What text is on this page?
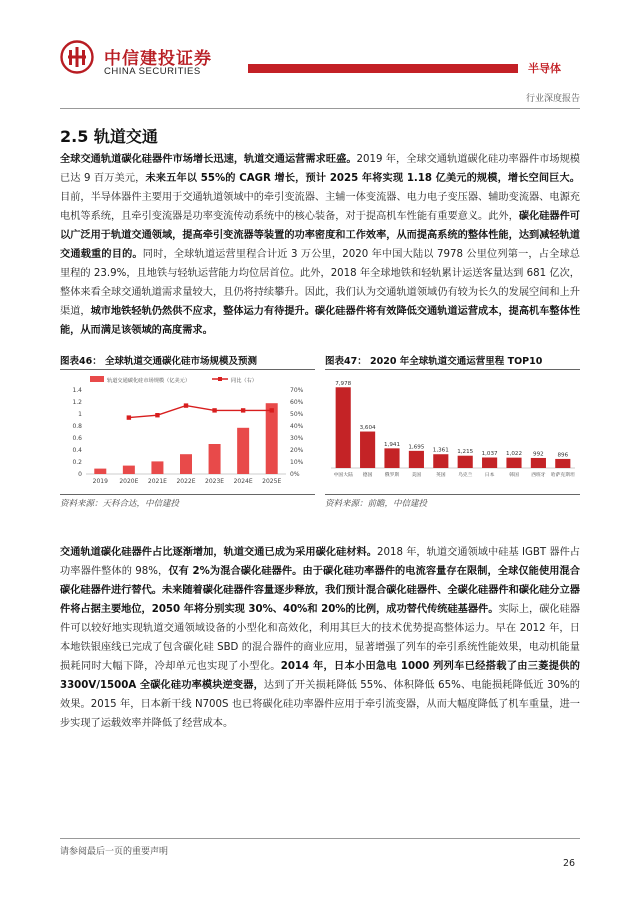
中信建投证券
CHINA SECURITIES	半导体
行业深度报告
2.5 轨道交通

全球交通轨道碳化硅器件市场增长迅速，轨道交通运营需求旺盛。2019 年，全球交通轨道碳化硅功率器件市场规模已达 9 百万美元，未来五年以 55%的 CAGR 增长，预计 2025 年将实现 1.18 亿美元的规模，增长空间巨大。目前，半导体器件主要用于交通轨道领域中的牵引变流器、主辅一体变流器、电力电子变压器、辅助变流器、电源充电机等系统，且牵引变流器是功率变流传动系统中的核心装备，对于提高机车性能有重要意义。此外，碳化硅器件可以广泛用于轨道交通领域，提高牵引变流器等装置的功率密度和工作效率，从而提高系统的整体性能，达到减轻轨道交通载重的目的。同时，全球轨道运营里程合计近 3 万公里，2020 年中国大陆以 7978 公里位列第一，占全球总里程的 23.9%，且地铁与轻轨运营能力均位居首位。此外，2018 年全球地铁和轻轨累计运送客量达到 681 亿次，整体来看全球交通轨道需求量较大，且仍将持续攀升。因此，我们认为交通轨道领域仍有较为长久的发展空间和上升渠道，城市地铁轻轨仍然供不应求，整体运力有待提升。碳化硅器件将有效降低交通轨道运营成本，提高机车整体性能，从而满足该领域的高度需求。

图表46： 全球轨道交通碳化硅市场规模及预测
轨道交通碳化硅市场规模（亿美元）	同比（右）
0
0.2
0.4
0.6
0.8
1
1.2
1.4
0%
10%
20%
30%
40%
50%
60%
70%
2019 2020E 2021E 2022E 2023E 2024E 2025E
资料来源：天科合达，中信建投
图表47： 2020 年全球轨道交通运营里程 TOP10
7,978
中国大陆
3,604
德国
1,941
俄罗斯
1,695
美国
1,361
英国
1,215
乌克兰
1,037
日本
1,022
韩国
992
西班牙
896
哈萨克斯坦
资料来源：前瞻，中信建投

交通轨道碳化硅器件占比逐渐增加，轨道交通已成为采用碳化硅材料。2018 年，轨道交通领域中硅基 IGBT 器件占功率器件整体的 98%，仅有 2%为混合碳化硅器件。由于碳化硅功率器件的电流容量存在限制，全球仅能使用混合碳化硅器件进行替代。未来随着碳化硅器件容量逐步释放，我们预计混合碳化硅器件、全碳化硅器件和碳化硅分立器件将占据主要地位，2050 年将分别实现 30%、40%和 20%的比例，成功替代传统硅基器件。实际上，碳化硅器件可以较好地实现轨道交通领域设备的小型化和高效化，利用其巨大的技术优势提高整体运力。早在 2012 年，日本地铁银座线已完成了包含碳化硅 SBD 的混合器件的商业应用，显著增强了列车的牵引系统性能效果，电动机能量损耗同时大幅下降，冷却单元也实现了小型化。2014 年，日本小田急电 1000 列列车已经搭载了由三菱提供的 3300V/1500A 全碳化硅功率模块逆变器，达到了开关损耗降低 55%、体积降低 65%、电能损耗降低近 30%的效果。2015 年，日本新干线 N700S 也已将碳化硅功率器件应用于牵引流变器，从而大幅度降低了机车重量，进一步实现了运载效率并降低了经营成本。

请参阅最后一页的重要声明
26
